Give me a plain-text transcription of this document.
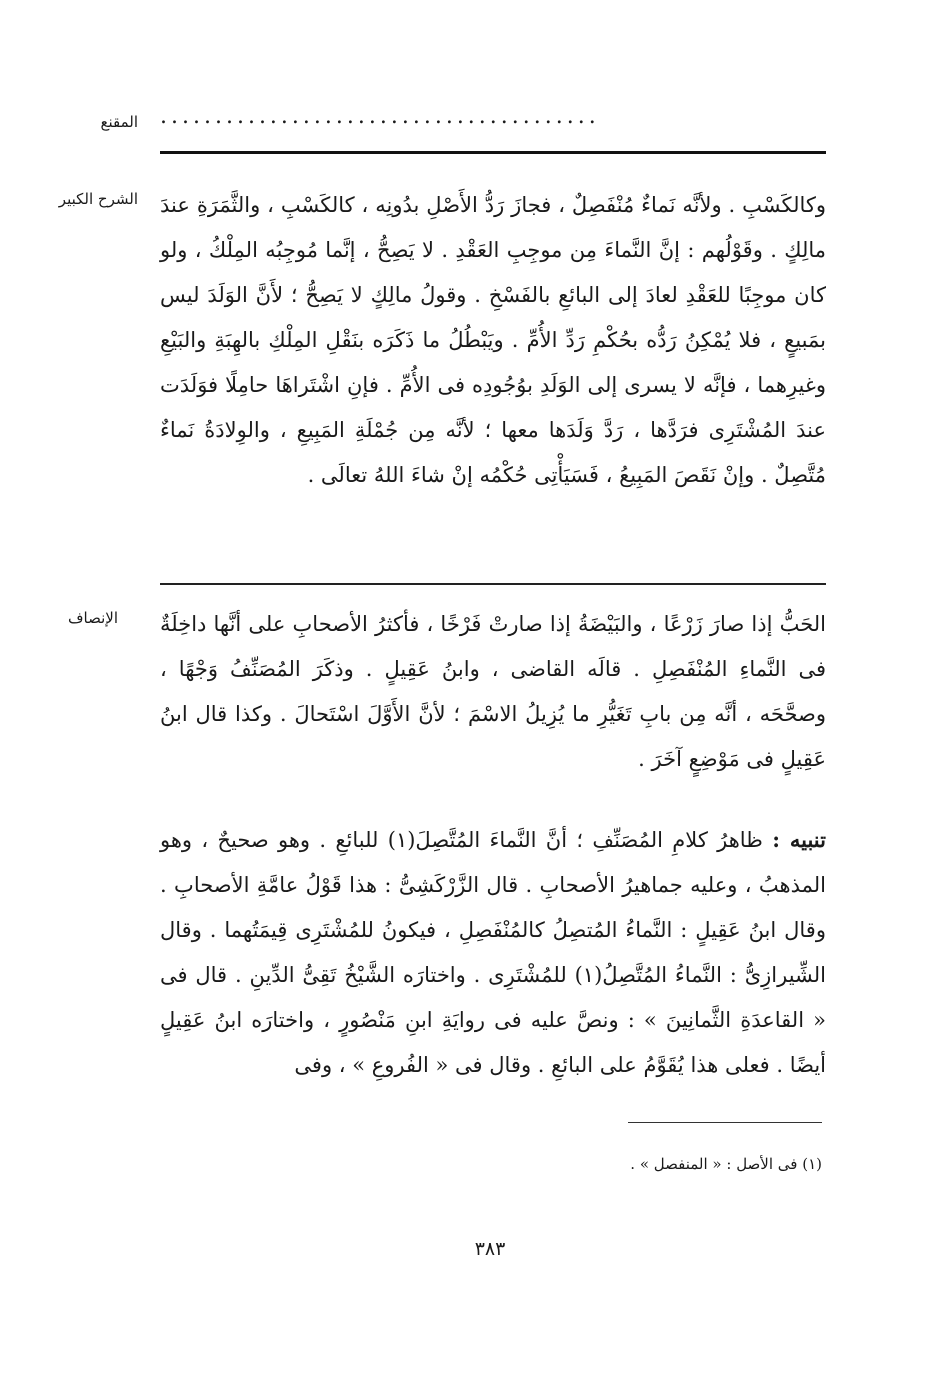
المقنع ........................................
الشرح الكبير
الإنصاف

وكالكَسْبِ . ولأنَّه نَماءٌ مُنْفَصِلٌ ، فجازَ رَدُّ الأَصْلِ بدُونِه ، كالكَسْبِ ، والثَّمَرَةِ عندَ مالِكٍ . وقَوْلُهم : إنَّ النَّماءَ مِن موجِبِ العَقْدِ . لا يَصِحُّ ، إنَّما مُوجِبُه المِلْكُ ، ولو كان موجِبًا للعَقْدِ لعادَ إلى البائعِ بالفَسْخِ . وقولُ مالِكٍ لا يَصِحُّ ؛ لأَنَّ الوَلَدَ ليس بمَبيعٍ ، فلا يُمْكِنُ رَدُّه بحُكْمِ رَدِّ الأُمِّ . ويَبْطُلُ ما ذَكَرَه بنَقْلِ المِلْكِ بالهِبَةِ والبَيْعِ وغيرِهما ، فإنَّه لا يسرى إلى الوَلَدِ بوُجُودِه فى الأُمِّ . فإنِ اشْتَراهَا حامِلًا فوَلَدَت عندَ المُشْتَرِى فرَدَّها ، رَدَّ وَلَدَها معها ؛ لأنَّه مِن جُمْلَةِ المَبِيعِ ، والوِلادَةُ نَماءٌ مُتَّصِلٌ . وإنْ نَقَصَ المَبِيعُ ، فَسَيَأْتِى حُكْمُه إنْ شاءَ اللهُ تعالَى .

الحَبُّ إذا صارَ زَرْعًا ، والبَيْضَةُ إذا صارتْ فَرْخًا ، فأكثرُ الأصحابِ على أنَّها داخِلَةٌ فى النَّماءِ المُنْفَصِلِ . قالَه القاضى ، وابنُ عَقِيلٍ . وذكَرَ المُصَنِّفُ وَجْهًا ، وصحَّحَه ، أنَّه مِن بابِ تَغَيُّرِ ما يُزِيلُ الاسْمَ ؛ لأنَّ الأَوَّلَ اسْتَحالَ . وكذا قال ابنُ عَقِيلٍ فى مَوْضِعٍ آخَرَ .

تنبيه : ظاهرُ كلامِ المُصَنِّفِ ؛ أنَّ النَّماءَ المُتَّصِلَ(١) للبائعِ . وهو صحيحٌ ، وهو المذهبُ ، وعليه جماهيرُ الأصحابِ . قال الزَّرْكَشِىُّ : هذا قَوْلُ عامَّةِ الأصحابِ . وقال ابنُ عَقِيلٍ : النَّماءُ المُتصِلُ كالمُنْفَصِلِ ، فيكونُ للمُشْتَرِى قِيمَتُهما . وقال الشِّيرازِىُّ : النَّماءُ المُتَّصِلُ(١) للمُشْتَرِى . واختارَه الشَّيْخُ تَقِىُّ الدِّينِ . قال فى « القاعدَةِ الثَّمانِينَ » : ونصَّ عليه فى روايَةِ ابنِ مَنْصُورٍ ، واختارَه ابنُ عَقِيلٍ أيضًا . فعلى هذا يُقَوَّمُ على البائعِ . وقال فى « الفُروعِ » ، وفى

(١) فى الأصل : « المنفصل » .
٣٨٣
